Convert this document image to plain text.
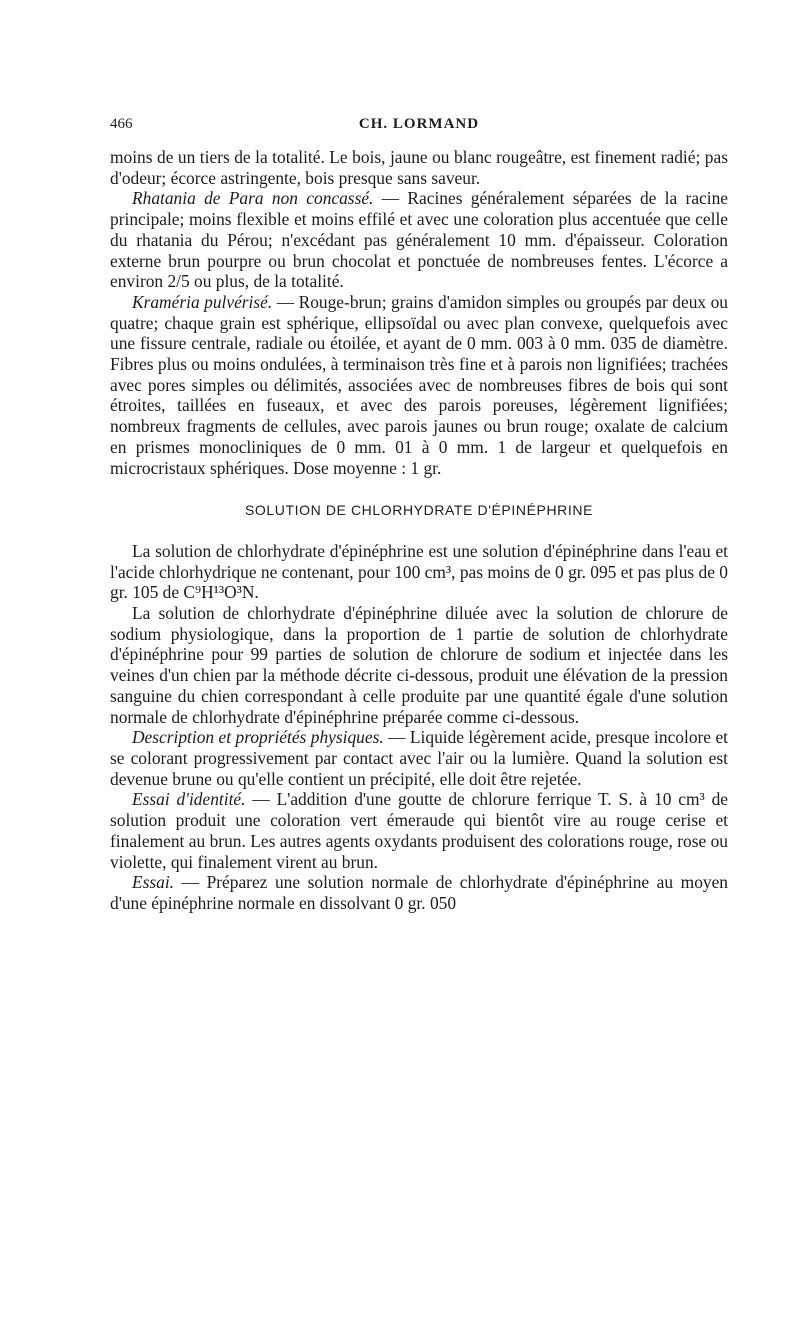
466	CH. LORMAND

moins de un tiers de la totalité. Le bois, jaune ou blanc rougeâtre, est finement radié; pas d'odeur; écorce astringente, bois presque sans saveur.

Rhatania de Para non concassé. — Racines généralement séparées de la racine principale; moins flexible et moins effilé et avec une coloration plus accentuée que celle du rhatania du Pérou; n'excédant pas généralement 10 mm. d'épaisseur. Coloration externe brun pourpre ou brun chocolat et ponctuée de nombreuses fentes. L'écorce a environ 2/5 ou plus, de la totalité.

Kraméria pulvérisé. — Rouge-brun; grains d'amidon simples ou groupés par deux ou quatre; chaque grain est sphérique, ellipsoïdal ou avec plan convexe, quelquefois avec une fissure centrale, radiale ou étoilée, et ayant de 0 mm. 003 à 0 mm. 035 de diamètre. Fibres plus ou moins ondulées, à terminaison très fine et à parois non lignifiées; trachées avec pores simples ou délimités, associées avec de nombreuses fibres de bois qui sont étroites, taillées en fuseaux, et avec des parois poreuses, légèrement lignifiées; nombreux fragments de cellules, avec parois jaunes ou brun rouge; oxalate de calcium en prismes monocliniques de 0 mm. 01 à 0 mm. 1 de largeur et quelquefois en microcristaux sphériques. Dose moyenne : 1 gr.

SOLUTION DE CHLORHYDRATE D'ÉPINÉPHRINE

La solution de chlorhydrate d'épinéphrine est une solution d'épinéphrine dans l'eau et l'acide chlorhydrique ne contenant, pour 100 cm³, pas moins de 0 gr. 095 et pas plus de 0 gr. 105 de C⁹H¹³O³N.

La solution de chlorhydrate d'épinéphrine diluée avec la solution de chlorure de sodium physiologique, dans la proportion de 1 partie de solution de chlorhydrate d'épinéphrine pour 99 parties de solution de chlorure de sodium et injectée dans les veines d'un chien par la méthode décrite ci-dessous, produit une élévation de la pression sanguine du chien correspondant à celle produite par une quantité égale d'une solution normale de chlorhydrate d'épinéphrine préparée comme ci-dessous.

Description et propriétés physiques. — Liquide légèrement acide, presque incolore et se colorant progressivement par contact avec l'air ou la lumière. Quand la solution est devenue brune ou qu'elle contient un précipité, elle doit être rejetée.

Essai d'identité. — L'addition d'une goutte de chlorure ferrique T. S. à 10 cm³ de solution produit une coloration vert émeraude qui bientôt vire au rouge cerise et finalement au brun. Les autres agents oxydants produisent des colorations rouge, rose ou violette, qui finalement virent au brun.

Essai. — Préparez une solution normale de chlorhydrate d'épinéphrine au moyen d'une épinéphrine normale en dissolvant 0 gr. 050
